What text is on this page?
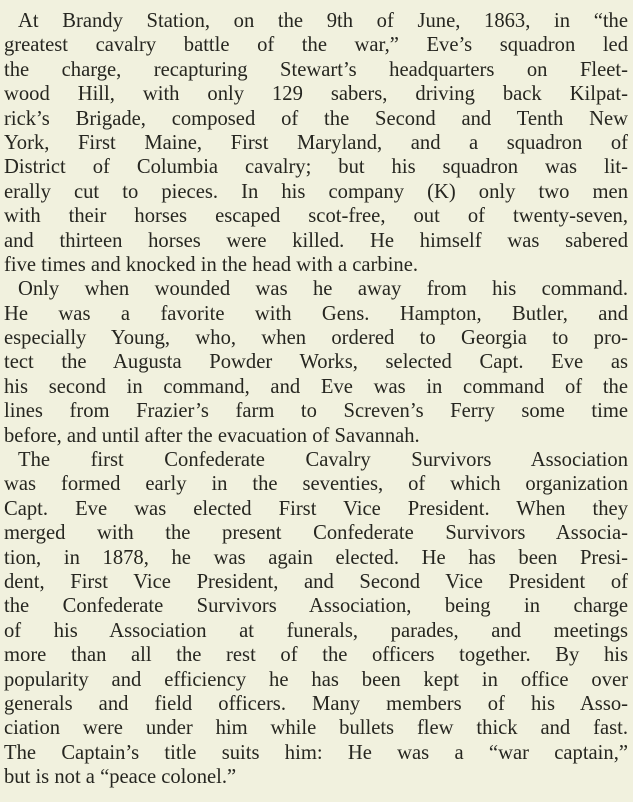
At Brandy Station, on the 9th of June, 1863, in “the
greatest cavalry battle of the war,” Eve’s squadron led
the charge, recapturing Stewart’s headquarters on Fleet-
wood Hill, with only 129 sabers, driving back Kilpat-
rick’s Brigade, composed of the Second and Tenth New
York, First Maine, First Maryland, and a squadron of
District of Columbia cavalry; but his squadron was lit-
erally cut to pieces. In his company (K) only two men
with their horses escaped scot-free, out of twenty-seven,
and thirteen horses were killed. He himself was sabered
five times and knocked in the head with a carbine.
Only when wounded was he away from his command.
He was a favorite with Gens. Hampton, Butler, and
especially Young, who, when ordered to Georgia to pro-
tect the Augusta Powder Works, selected Capt. Eve as
his second in command, and Eve was in command of the
lines from Frazier’s farm to Screven’s Ferry some time
before, and until after the evacuation of Savannah.
The first Confederate Cavalry Survivors Association
was formed early in the seventies, of which organization
Capt. Eve was elected First Vice President. When they
merged with the present Confederate Survivors Associa-
tion, in 1878, he was again elected. He has been Presi-
dent, First Vice President, and Second Vice President of
the Confederate Survivors Association, being in charge
of his Association at funerals, parades, and meetings
more than all the rest of the officers together. By his
popularity and efficiency he has been kept in office over
generals and field officers. Many members of his Asso-
ciation were under him while bullets flew thick and fast.
The Captain’s title suits him: He was a “war captain,”
but is not a “peace colonel.”
